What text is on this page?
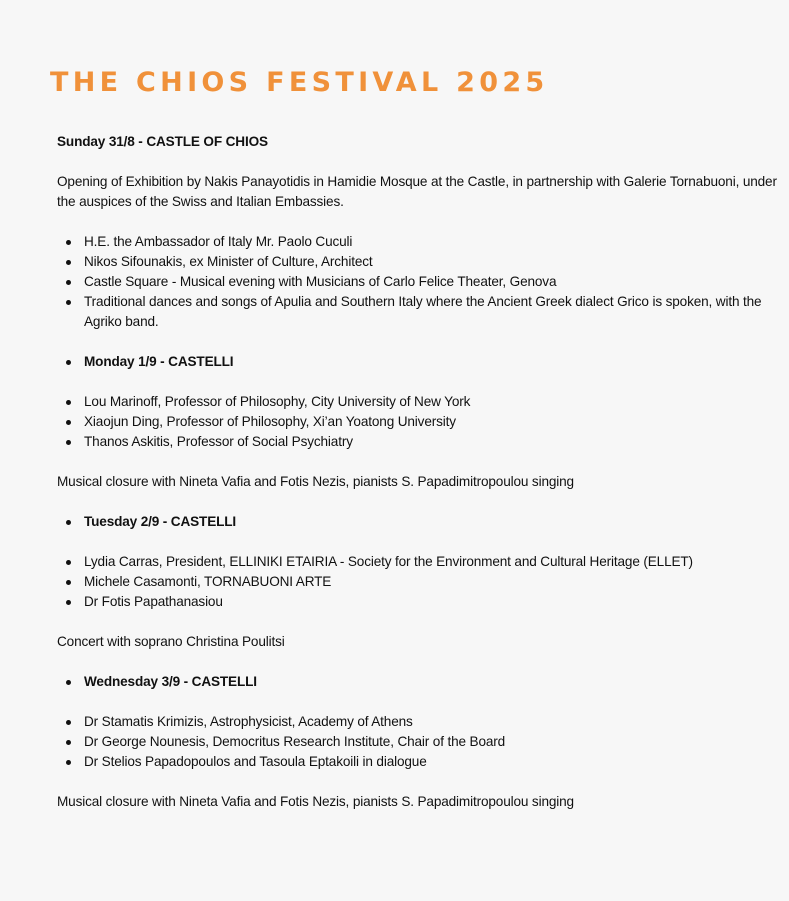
THE CHIOS FESTIVAL 2025

Sunday 31/8 - CASTLE OF CHIOS

Opening of Exhibition by Nakis Panayotidis in Hamidie Mosque at the Castle, in partnership with Galerie Tornabuoni, under the auspices of the Swiss and Italian Embassies.

H.E. the Ambassador of Italy Mr. Paolo Cuculi
Nikos Sifounakis, ex Minister of Culture, Architect
Castle Square - Musical evening with Musicians of Carlo Felice Theater, Genova
Traditional dances and songs of Apulia and Southern Italy where the Ancient Greek dialect Grico is spoken, with the Agriko band.
Monday 1/9 - CASTELLI
Lou Marinoff, Professor of Philosophy, City University of New York
Xiaojun Ding, Professor of Philosophy, Xi’an Yoatong University
Thanos Askitis, Professor of Social Psychiatry

Musical closure with Nineta Vafia and Fotis Nezis, pianists S. Papadimitropoulou singing

Tuesday 2/9 - CASTELLI
Lydia Carras, President, ELLINIKI ETAIRIA - Society for the Environment and Cultural Heritage (ELLET)
Michele Casamonti, TORNABUONI ARTE
Dr Fotis Papathanasiou

Concert with soprano Christina Poulitsi

Wednesday 3/9 - CASTELLI
Dr Stamatis Krimizis, Astrophysicist, Academy of Athens
Dr George Nounesis, Democritus Research Institute, Chair of the Board
Dr Stelios Papadopoulos and Tasoula Eptakoili in dialogue

Musical closure with Nineta Vafia and Fotis Nezis, pianists S. Papadimitropoulou singing
